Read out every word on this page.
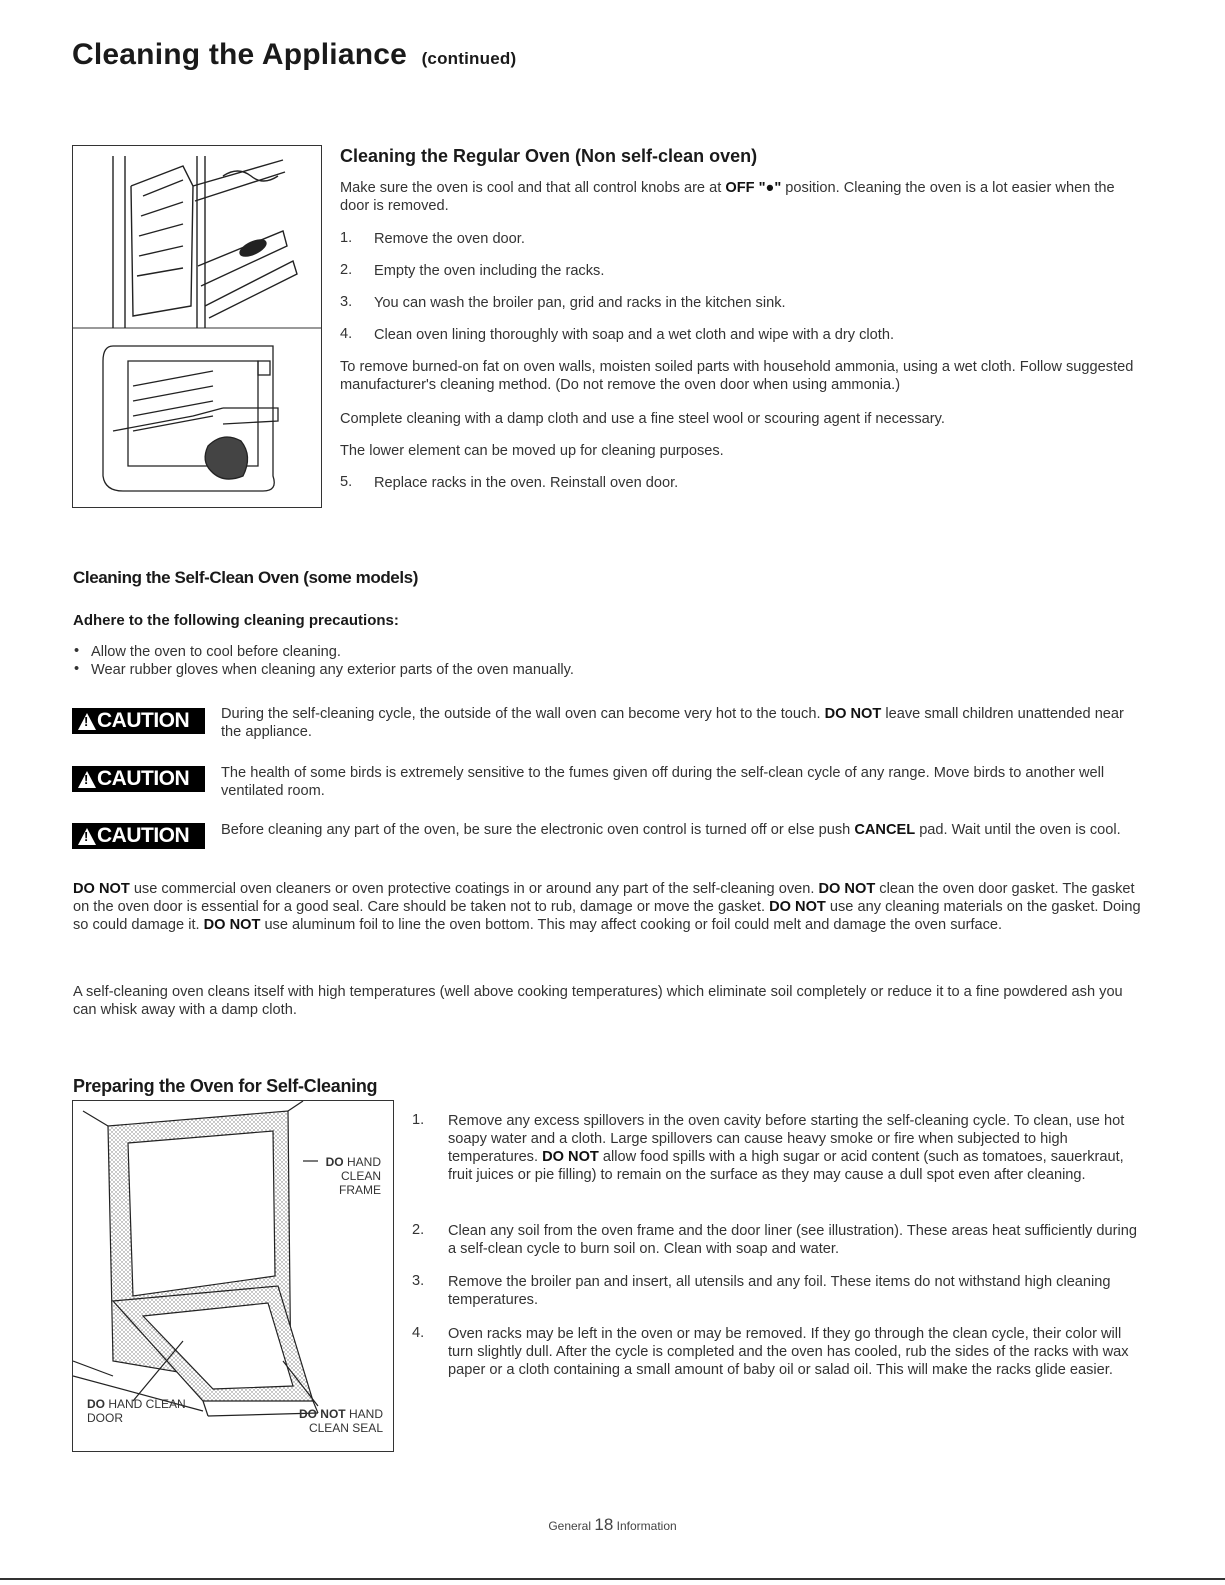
Cleaning the Appliance (continued)

Cleaning the Regular Oven (Non self-clean oven)

Make sure the oven is cool and that all control knobs are at OFF "●" position. Cleaning the oven is a lot easier when the door is removed.

1. Remove the oven door.
2. Empty the oven including the racks.
3. You can wash the broiler pan, grid and racks in the kitchen sink.
4. Clean oven lining thoroughly with soap and a wet cloth and wipe with a dry cloth.

To remove burned-on fat on oven walls, moisten soiled parts with household ammonia, using a wet cloth. Follow suggested manufacturer's cleaning method. (Do not remove the oven door when using ammonia.)

Complete cleaning with a damp cloth and use a fine steel wool or scouring agent if necessary.

The lower element can be moved up for cleaning purposes.

5. Replace racks in the oven. Reinstall oven door.

Cleaning the Self-Clean Oven (some models)

Adhere to the following cleaning precautions:

• Allow the oven to cool before cleaning.
• Wear rubber gloves when cleaning any exterior parts of the oven manually.
!
CAUTION During the self-cleaning cycle, the outside of the wall oven can become very hot to the touch. DO NOT leave small children unattended near the appliance.

!
CAUTION The health of some birds is extremely sensitive to the fumes given off during the self-clean cycle of any range. Move birds to another well ventilated room.

!
CAUTION Before cleaning any part of the oven, be sure the electronic oven control is turned off or else push CANCEL pad. Wait until the oven is cool.

DO NOT use commercial oven cleaners or oven protective coatings in or around any part of the self-cleaning oven. DO NOT clean the oven door gasket. The gasket on the oven door is essential for a good seal. Care should be taken not to rub, damage or move the gasket. DO NOT use any cleaning materials on the gasket. Doing so could damage it. DO NOT use aluminum foil to line the oven bottom. This may affect cooking or foil could melt and damage the oven surface.

A self-cleaning oven cleans itself with high temperatures (well above cooking temperatures) which eliminate soil completely or reduce it to a fine powdered ash you can whisk away with a damp cloth.

Preparing the Oven for Self-Cleaning

DO HAND CLEAN FRAME
DO HAND CLEAN DOOR	DO NOT HAND CLEAN SEAL
1. Remove any excess spillovers in the oven cavity before starting the self-cleaning cycle. To clean, use hot soapy water and a cloth. Large spillovers can cause heavy smoke or fire when subjected to high temperatures. DO NOT allow food spills with a high sugar or acid content (such as tomatoes, sauerkraut, fruit juices or pie filling) to remain on the surface as they may cause a dull spot even after cleaning.

2. Clean any soil from the oven frame and the door liner (see illustration). These areas heat sufficiently during a self-clean cycle to burn soil on. Clean with soap and water.

3. Remove the broiler pan and insert, all utensils and any foil. These items do not withstand high cleaning temperatures.

4. Oven racks may be left in the oven or may be removed. If they go through the clean cycle, their color will turn slightly dull. After the cycle is completed and the oven has cooled, rub the sides of the racks with wax paper or a cloth containing a small amount of baby oil or salad oil. This will make the racks glide easier.

General 18 Information
